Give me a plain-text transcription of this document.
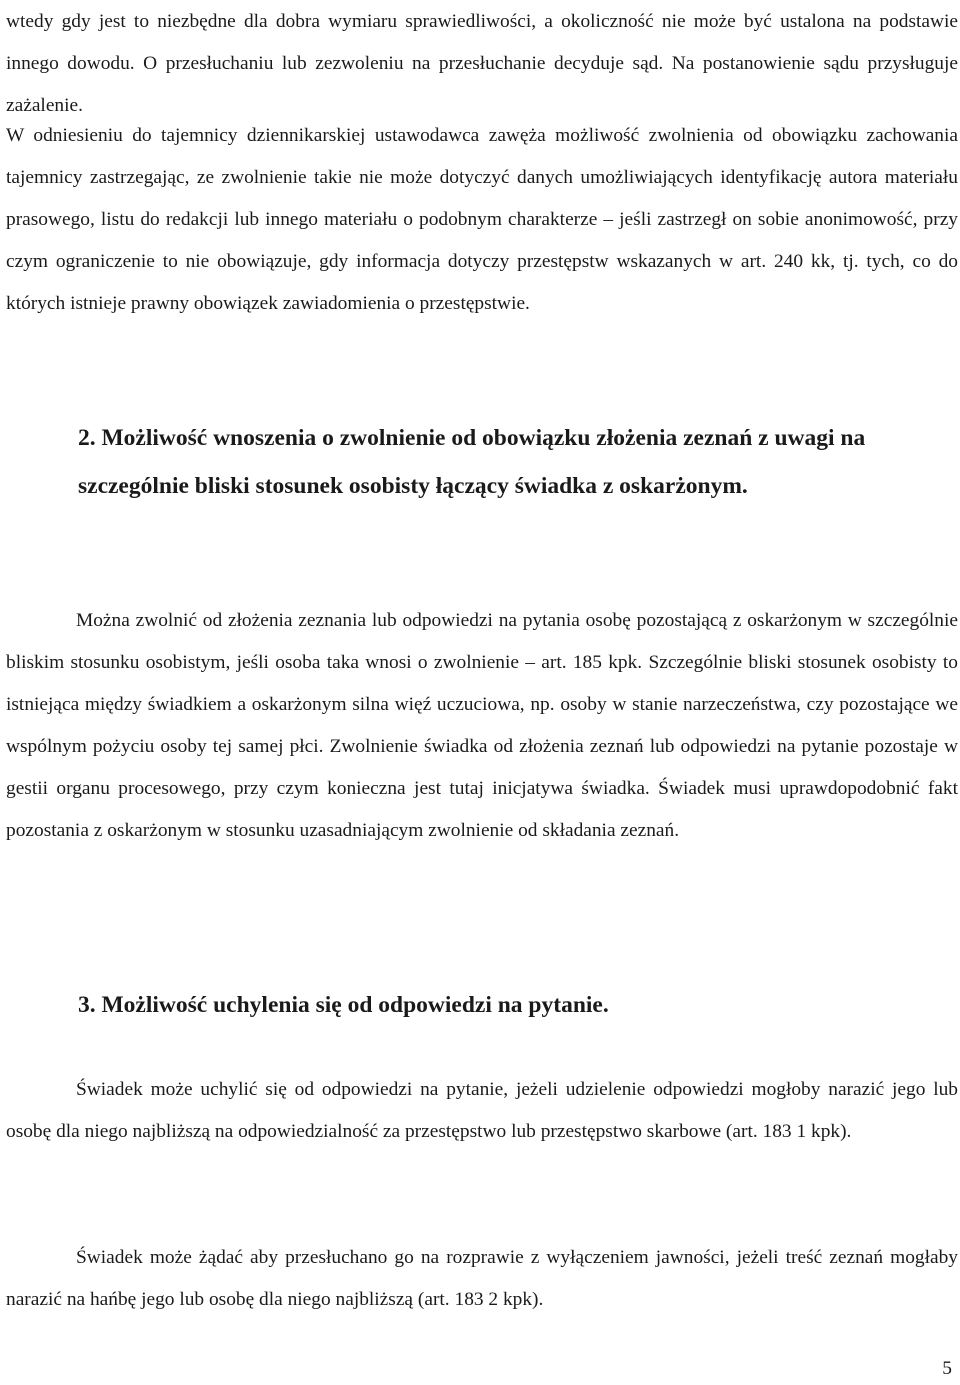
wtedy gdy jest to niezbędne dla dobra wymiaru sprawiedliwości, a okoliczność nie może być ustalona na podstawie innego dowodu. O przesłuchaniu lub zezwoleniu na przesłuchanie decyduje sąd. Na postanowienie sądu przysługuje zażalenie.

W odniesieniu do tajemnicy dziennikarskiej ustawodawca zawęża możliwość zwolnienia od obowiązku zachowania tajemnicy zastrzegając, ze zwolnienie takie nie może dotyczyć danych umożliwiających identyfikację autora materiału prasowego, listu do redakcji lub innego materiału o podobnym charakterze – jeśli zastrzegł on sobie anonimowość, przy czym ograniczenie to nie obowiązuje, gdy informacja dotyczy przestępstw wskazanych w art. 240 kk, tj. tych, co do których istnieje prawny obowiązek zawiadomienia o przestępstwie.

2. Możliwość wnoszenia o zwolnienie od obowiązku złożenia zeznań z uwagi na szczególnie bliski stosunek osobisty łączący świadka z oskarżonym.

Można zwolnić od złożenia zeznania lub odpowiedzi na pytania osobę pozostającą z oskarżonym w szczególnie bliskim stosunku osobistym, jeśli osoba taka wnosi o zwolnienie – art. 185 kpk. Szczególnie bliski stosunek osobisty to istniejąca między świadkiem a oskarżonym silna więź uczuciowa, np. osoby w stanie narzeczeństwa, czy pozostające we wspólnym pożyciu osoby tej samej płci. Zwolnienie świadka od złożenia zeznań lub odpowiedzi na pytanie pozostaje w gestii organu procesowego, przy czym konieczna jest tutaj inicjatywa świadka. Świadek musi uprawdopodobnić fakt pozostania z oskarżonym w stosunku uzasadniającym zwolnienie od składania zeznań.

3. Możliwość uchylenia się od odpowiedzi na pytanie.

Świadek może uchylić się od odpowiedzi na pytanie, jeżeli udzielenie odpowiedzi mogłoby narazić jego lub osobę dla niego najbliższą na odpowiedzialność za przestępstwo lub przestępstwo skarbowe (art. 183 1 kpk).

Świadek może żądać aby przesłuchano go na rozprawie z wyłączeniem jawności, jeżeli treść zeznań mogłaby narazić na hańbę jego lub osobę dla niego najbliższą (art. 183 2 kpk).

5
